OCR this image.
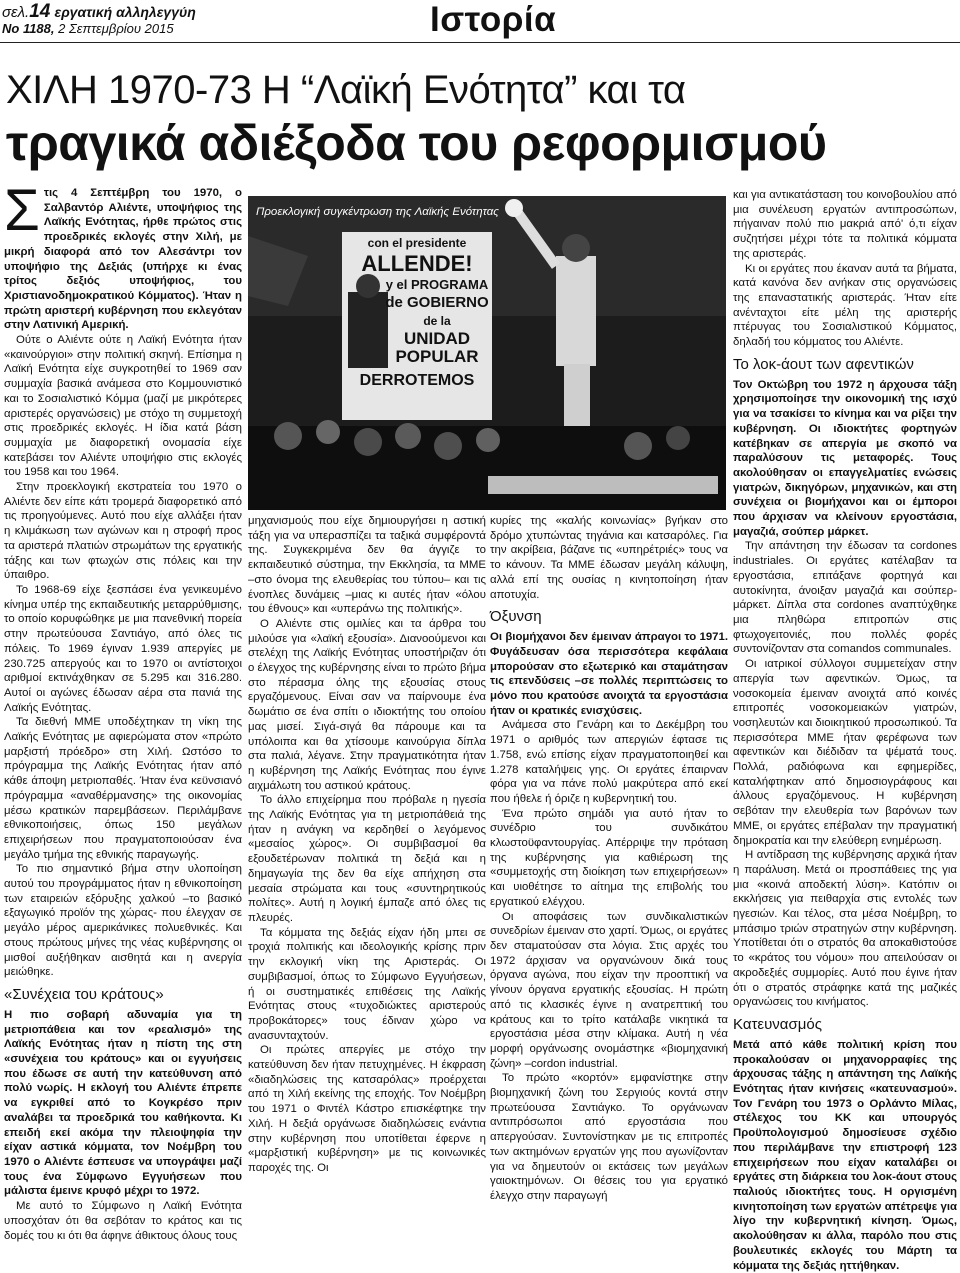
σελ.14 εργατική αλληλεγγύη
Νο 1188, 2 Σεπτεμβρίου 2015	Ιστορία
ΧΙΛΗ 1970-73 Η “Λαϊκή Ενότητα” και τα
τραγικά αδιέξοδα του ρεφορμισμού

Στις 4 Σεπτέμβρη του 1970, ο Σαλβαντόρ Αλιέντε, υποψήφιος της Λαϊκής Ενότητας, ήρθε πρώτος στις προεδρικές εκλογές στην Χιλή, με μικρή διαφορά από τον Αλεσάντρι τον υποψήφιο της Δεξιάς (υπήρχε κι ένας τρίτος δεξιός υποψήφιος, του Χριστιανοδημοκρατικού Κόμματος). Ήταν η πρώτη αριστερή κυβέρνηση που εκλεγόταν στην Λατινική Αμερική.

Ούτε ο Αλιέντε ούτε η Λαϊκή Ενότητα ήταν «καινούργιοι» στην πολιτική σκηνή. Επίσημα η Λαϊκή Ενότητα είχε συγκροτηθεί το 1969 σαν συμμαχία βασικά ανάμεσα στο Κομμουνιστικό και το Σοσιαλιστικό Κόμμα (μαζί με μικρότερες αριστερές οργανώσεις) με στόχο τη συμμετοχή στις προεδρικές εκλογές. Η ίδια κατά βάση συμμαχία με διαφορετική ονομασία είχε κατεβάσει τον Αλιέντε υποψήφιο στις εκλογές του 1958 και του 1964.

Στην προεκλογική εκστρατεία του 1970 ο Αλιέντε δεν είπε κάτι τρομερά διαφορετικό από τις προηγούμενες. Αυτό που είχε αλλάξει ήταν η κλιμάκωση των αγώνων και η στροφή προς τα αριστερά πλατιών στρωμάτων της εργατικής τάξης και των φτωχών στις πόλεις και την ύπαιθρο.

Το 1968-69 είχε ξεσπάσει ένα γενικευμένο κίνημα υπέρ της εκπαιδευτικής μεταρρύθμισης, το οποίο κορυφώθηκε με μια πανεθνική πορεία στην πρωτεύουσα Σαντιάγο, από όλες τις πόλεις. Το 1969 έγιναν 1.939 απεργίες με 230.725 απεργούς και το 1970 οι αντίστοιχοι αριθμοί εκτινάχθηκαν σε 5.295 και 316.280. Αυτοί οι αγώνες έδωσαν αέρα στα πανιά της Λαϊκής Ενότητας.

Τα διεθνή ΜΜΕ υποδέχτηκαν τη νίκη της Λαϊκής Ενότητας με αφιερώματα στον «πρώτο μαρξιστή πρόεδρο» στη Χιλή. Ωστόσο το πρόγραμμα της Λαϊκής Ενότητας ήταν από κάθε άποψη μετριοπαθές. Ήταν ένα κεϋνσιανό πρόγραμμα «αναθέρμανσης» της οικονομίας μέσω κρατικών παρεμβάσεων. Περιλάμβανε εθνικοποιήσεις, όπως 150 μεγάλων επιχειρήσεων που πραγματοποιούσαν ένα μεγάλο τμήμα της εθνικής παραγωγής.

Το πιο σημαντικό βήμα στην υλοποίηση αυτού του προγράμματος ήταν η εθνικοποίηση των εταιρειών εξόρυξης χαλκού –το βασικό εξαγωγικό προϊόν της χώρας- που έλεγχαν σε μεγάλο μέρος αμερικάνικες πολυεθνικές. Και στους πρώτους μήνες της νέας κυβέρνησης οι μισθοί αυξήθηκαν αισθητά και η ανεργία μειώθηκε.

«Συνέχεια του κράτους»

Η πιο σοβαρή αδυναμία για τη μετριοπάθεια και τον «ρεαλισμό» της Λαϊκής Ενότητας ήταν η πίστη της στη «συνέχεια του κράτους» και οι εγγυήσεις που έδωσε σε αυτή την κατεύθυνση από πολύ νωρίς. Η εκλογή του Αλιέντε έπρεπε να εγκριθεί από το Κογκρέσο πριν αναλάβει τα προεδρικά του καθήκοντα. Κι επειδή εκεί ακόμα την πλειοψηφία την είχαν αστικά κόμματα, τον Νοέμβρη του 1970 ο Αλιέντε έσπευσε να υπογράψει μαζί τους ένα Σύμφωνο Εγγυήσεων που μάλιστα έμεινε κρυφό μέχρι το 1972.

Με αυτό το Σύμφωνο η Λαϊκή Ενότητα υποσχόταν ότι θα σεβόταν το κράτος και τις δομές του κι ότι θα άφηνε άθικτους όλους τους

con el presidente
ALLENDE!
y el PROGRAMA
de GOBIERNO
de la
UNIDAD
POPULAR
DERROTEMOS
Προεκλογική συγκέντρωση της Λαϊκής Ενότητας

μηχανισμούς που είχε δημιουργήσει η αστική τάξη για να υπερασπίζει τα ταξικά συμφέροντά της. Συγκεκριμένα δεν θα άγγιζε το εκπαιδευτικό σύστημα, την Εκκλησία, τα ΜΜΕ –στο όνομα της ελευθερίας του τύπου– και τις ένοπλες δυνάμεις –μιας κι αυτές ήταν «όλου του έθνους» και «υπεράνω της πολιτικής».

Ο Αλιέντε στις ομιλίες και τα άρθρα του μιλούσε για «λαϊκή εξουσία». Διανοούμενοι και στελέχη της Λαϊκής Ενότητας υποστήριζαν ότι ο έλεγχος της κυβέρνησης είναι το πρώτο βήμα στο πέρασμα όλης της εξουσίας στους εργαζόμενους. Είναι σαν να παίρνουμε ένα δωμάτιο σε ένα σπίτι ο ιδιοκτήτης του οποίου μας μισεί. Σιγά-σιγά θα πάρουμε και τα υπόλοιπα και θα χτίσουμε καινούργια δίπλα στα παλιά, λέγανε. Στην πραγματικότητα ήταν η κυβέρνηση της Λαϊκής Ενότητας που έγινε αιχμάλωτη του αστικού κράτους.

Το άλλο επιχείρημα που πρόβαλε η ηγεσία της Λαϊκής Ενότητας για τη μετριοπάθειά της ήταν η ανάγκη να κερδηθεί ο λεγόμενος «μεσαίος χώρος». Οι συμβιβασμοί θα εξουδετέρωναν πολιτικά τη δεξιά και η δημαγωγία της δεν θα είχε απήχηση στα μεσαία στρώματα και τους «συντηρητικούς πολίτες». Αυτή η λογική έμπαζε από όλες τις πλευρές.

Τα κόμματα της δεξιάς είχαν ήδη μπει σε τροχιά πολιτικής και ιδεολογικής κρίσης πριν την εκλογική νίκη της Αριστεράς. Οι συμβιβασμοί, όπως το Σύμφωνο Εγγυήσεων, ή οι συστηματικές επιθέσεις της Λαϊκής Ενότητας στους «τυχοδιώκτες αριστερούς προβοκάτορες» τους έδιναν χώρο να ανασυνταχτούν.

Οι πρώτες απεργίες με στόχο την κατεύθυνση δεν ήταν πετυχημένες. Η έκφραση «διαδηλώσεις της κατσαρόλας» προέρχεται από τη Χιλή εκείνης της εποχής. Τον Νοέμβρη του 1971 ο Φιντέλ Κάστρο επισκέφτηκε την Χιλή. Η δεξιά οργάνωσε διαδηλώσεις ενάντια στην κυβέρνηση που υποτίθεται έφερνε η «μαρξιστική κυβέρνηση» με τις κοινωνικές παροχές της. Οι

κυρίες της «καλής κοινωνίας» βγήκαν στο δρόμο χτυπώντας τηγάνια και κατσαρόλες. Για την ακρίβεια, βάζανε τις «υπηρέτριές» τους να το κάνουν. Τα ΜΜΕ έδωσαν μεγάλη κάλυψη, αλλά επί της ουσίας η κινητοποίηση ήταν αποτυχία.

Όξυνση

Οι βιομήχανοι δεν έμειναν άπραγοι το 1971. Φυγάδευσαν όσα περισσότερα κεφάλαια μπορούσαν στο εξωτερικό και σταμάτησαν τις επενδύσεις –σε πολλές περιπτώσεις το μόνο που κρατούσε ανοιχτά τα εργοστάσια ήταν οι κρατικές ενισχύσεις.

Ανάμεσα στο Γενάρη και το Δεκέμβρη του 1971 ο αριθμός των απεργιών έφτασε τις 1.758, ενώ επίσης είχαν πραγματοποιηθεί και 1.278 καταλήψεις γης. Οι εργάτες έπαιρναν φόρα για να πάνε πολύ μακρύτερα από εκεί που ήθελε ή όριζε η κυβερνητική του.

Ένα πρώτο σημάδι για αυτό ήταν το συνέδριο του συνδικάτου κλωστοϋφαντουργίας. Απέρριψε την πρόταση της κυβέρνησης για καθιέρωση της «συμμετοχής στη διοίκηση των επιχειρήσεων» και υιοθέτησε το αίτημα της επιβολής του εργατικού ελέγχου.

Οι αποφάσεις των συνδικαλιστικών συνεδρίων έμειναν στο χαρτί. Όμως, οι εργάτες δεν σταματούσαν στα λόγια. Στις αρχές του 1972 άρχισαν να οργανώνουν δικά τους όργανα αγώνα, που είχαν την προοπτική να γίνουν όργανα εργατικής εξουσίας. Η πρώτη από τις κλασικές έγινε η ανατρεπτική του κράτους και το τρίτο κατάλαβε νικητικά τα εργοστάσια μέσα στην κλίμακα. Αυτή η νέα μορφή οργάνωσης ονομάστηκε «βιομηχανική ζώνη» –cordon industrial.

Το πρώτο «κορτόν» εμφανίστηκε στην βιομηχανική ζώνη του Σεργιούς κοντά στην πρωτεύουσα Σαντιάγκο. Το οργάνωναν αντιπρόσωποι από εργοστάσια που απεργούσαν. Συντονίστηκαν με τις επιτροπές των ακτημόνων εργατών γης που αγωνίζονταν για να δημευτούν οι εκτάσεις των μεγάλων γαιοκτημόνων. Οι θέσεις του για εργατικό έλεγχο στην παραγωγή

και για αντικατάσταση του κοινοβουλίου από μια συνέλευση εργατών αντιπροσώπων, πήγαιναν πολύ πιο μακριά από' ό,τι είχαν συζητήσει μέχρι τότε τα πολιτικά κόμματα της αριστεράς.

Κι οι εργάτες που έκαναν αυτά τα βήματα, κατά κανόνα δεν ανήκαν στις οργανώσεις της επαναστατικής αριστεράς. Ήταν είτε ανένταχτοι είτε μέλη της αριστερής πτέρυγας του Σοσιαλιστικού Κόμματος, δηλαδή του κόμματος του Αλιέντε.

Το λοκ-άουτ των αφεντικών

Τον Οκτώβρη του 1972 η άρχουσα τάξη χρησιμοποίησε την οικονομική της ισχύ για να τσακίσει το κίνημα και να ρίξει την κυβέρνηση. Οι ιδιοκτήτες φορτηγών κατέβηκαν σε απεργία με σκοπό να παραλύσουν τις μεταφορές. Τους ακολούθησαν οι επαγγελματίες ενώσεις γιατρών, δικηγόρων, μηχανικών, και στη συνέχεια οι βιομήχανοι και οι έμποροι που άρχισαν να κλείνουν εργοστάσια, μαγαζιά, σούπερ μάρκετ.

Την απάντηση την έδωσαν τα cordones industriales. Οι εργάτες κατέλαβαν τα εργοστάσια, επιτάξανε φορτηγά και αυτοκίνητα, άνοιξαν μαγαζιά και σούπερ-μάρκετ. Δίπλα στα cordones αναπτύχθηκε μια πληθώρα επιτροπών στις φτωχογειτονιές, που πολλές φορές συντονίζονταν στα comandos communales.

Οι ιατρικοί σύλλογοι συμμετείχαν στην απεργία των αφεντικών. Όμως, τα νοσοκομεία έμειναν ανοιχτά από κοινές επιτροπές νοσοκομειακών γιατρών, νοσηλευτών και διοικητικού προσωπικού. Τα περισσότερα ΜΜΕ ήταν φερέφωνα των αφεντικών και διέδιδαν τα ψέματά τους. Πολλά, ραδιόφωνα και εφημερίδες, καταλήφτηκαν από δημοσιογράφους και άλλους εργαζόμενους. Η κυβέρνηση σεβόταν την ελευθερία των βαρόνων των ΜΜΕ, οι εργάτες επέβαλαν την πραγματική δημοκρατία και την ελεύθερη ενημέρωση.

Η αντίδραση της κυβέρνησης αρχικά ήταν η παράλυση. Μετά οι προσπάθειες της για μια «κοινά αποδεκτή λύση». Κατόπιν οι εκκλήσεις για πειθαρχία στις εντολές των ηγεσιών. Και τέλος, στα μέσα Νοέμβρη, το μπάσιμο τριών στρατηγών στην κυβέρνηση. Υποτίθεται ότι ο στρατός θα αποκαθιστούσε το «κράτος του νόμου» που απειλούσαν οι ακροδεξιές συμμορίες. Αυτό που έγινε ήταν ότι ο στρατός στράφηκε κατά της μαζικές οργανώσεις του κινήματος.

Κατευνασμός

Μετά από κάθε πολιτική κρίση που προκαλούσαν οι μηχανορραφίες της άρχουσας τάξης η απάντηση της Λαϊκής Ενότητας ήταν κινήσεις «κατευνασμού». Τον Γενάρη του 1973 ο Ορλάντο Μίλας, στέλεχος του ΚΚ και υπουργός Προϋπολογισμού δημοσίευσε σχέδιο που περιλάμβανε την επιστροφή 123 επιχειρήσεων που είχαν καταλάβει οι εργάτες στη διάρκεια του λοκ-άουτ στους παλιούς ιδιοκτήτες τους. Η οργισμένη κινητοποίηση των εργατών απέτρεψε για λίγο την κυβερνητική κίνηση. Όμως, ακολούθησαν κι άλλα, παρόλο που στις βουλευτικές εκλογές του Μάρτη τα κόμματα της δεξιάς ηττήθηκαν.
